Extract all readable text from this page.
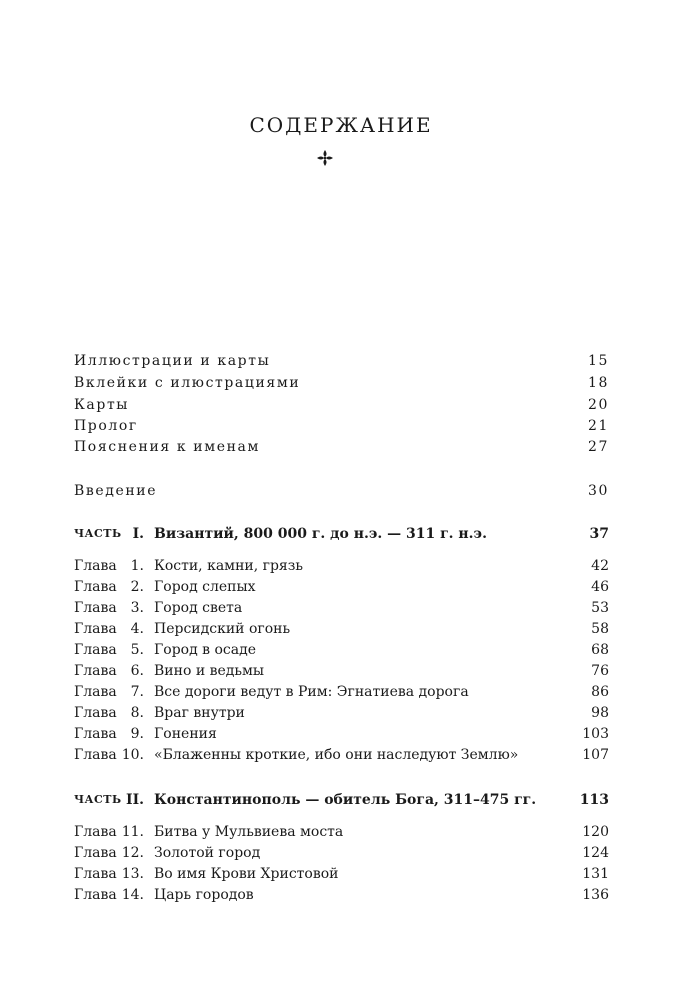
СОДЕРЖАНИЕ
Иллюстрации и карты	15
Вклейки с илюстрациями	18
Карты	20
Пролог	21
Пояснения к именам	27
Введение	30
ЧАСТЬ I. Византий, 800 000 г. до н.э. — 311 г. н.э.	37
Глава 1. Кости, камни, грязь	42
Глава 2. Город слепых	46
Глава 3. Город света	53
Глава 4. Персидский огонь	58
Глава 5. Город в осаде	68
Глава 6. Вино и ведьмы	76
Глава 7. Все дороги ведут в Рим: Эгнатиева дорога	86
Глава 8. Враг внутри	98
Глава 9. Гонения	103
Глава 10. «Блаженны кроткие, ибо они наследуют Землю»	107
ЧАСТЬ II. Константинополь — обитель Бога, 311–475 гг.	113
Глава 11. Битва у Мульвиева моста	120
Глава 12. Золотой город	124
Глава 13. Во имя Крови Христовой	131
Глава 14. Царь городов	136
